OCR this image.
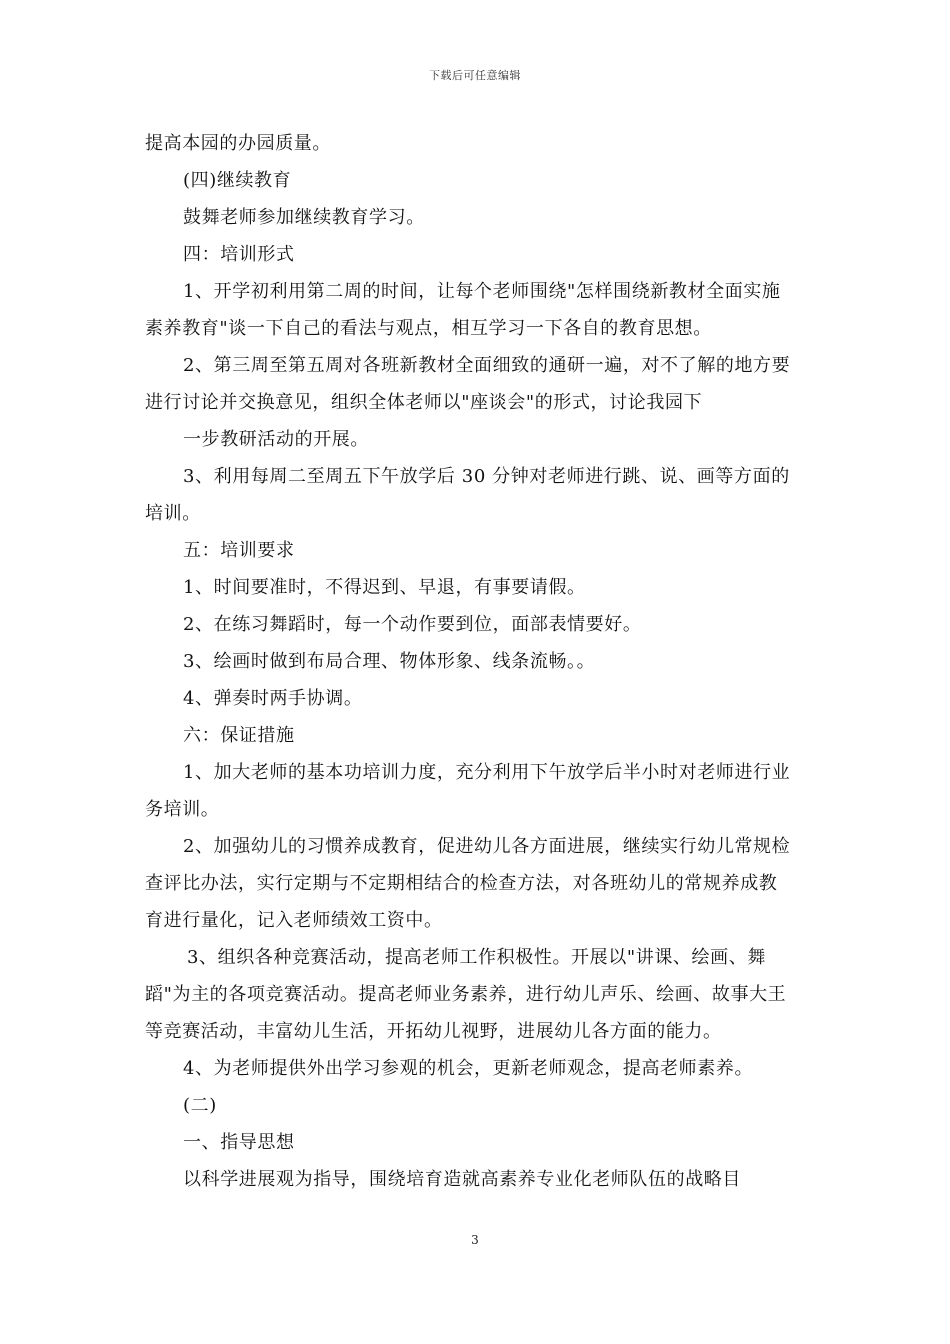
下载后可任意编辑
提高本园的办园质量。
(四)继续教育
鼓舞老师参加继续教育学习。
四：培训形式
1、开学初利用第二周的时间，让每个老师围绕"怎样围绕新教材全面实施
素养教育"谈一下自己的看法与观点，相互学习一下各自的教育思想。
2、第三周至第五周对各班新教材全面细致的通研一遍，对不了解的地方要
进行讨论并交换意见，组织全体老师以"座谈会"的形式，讨论我园下
一步教研活动的开展。
3、利用每周二至周五下午放学后 30 分钟对老师进行跳、说、画等方面的
培训。
五：培训要求
1、时间要准时，不得迟到、早退，有事要请假。
2、在练习舞蹈时，每一个动作要到位，面部表情要好。
3、绘画时做到布局合理、物体形象、线条流畅。。
4、弹奏时两手协调。
六：保证措施
1、加大老师的基本功培训力度，充分利用下午放学后半小时对老师进行业
务培训。
2、加强幼儿的习惯养成教育，促进幼儿各方面进展，继续实行幼儿常规检
查评比办法，实行定期与不定期相结合的检查方法，对各班幼儿的常规养成教
育进行量化，记入老师绩效工资中。
3、组织各种竞赛活动，提高老师工作积极性。开展以"讲课、绘画、舞
蹈"为主的各项竞赛活动。提高老师业务素养，进行幼儿声乐、绘画、故事大王
等竞赛活动，丰富幼儿生活，开拓幼儿视野，进展幼儿各方面的能力。
4、为老师提供外出学习参观的机会，更新老师观念，提高老师素养。
(二)
一、指导思想
以科学进展观为指导，围绕培育造就高素养专业化老师队伍的战略目
3
